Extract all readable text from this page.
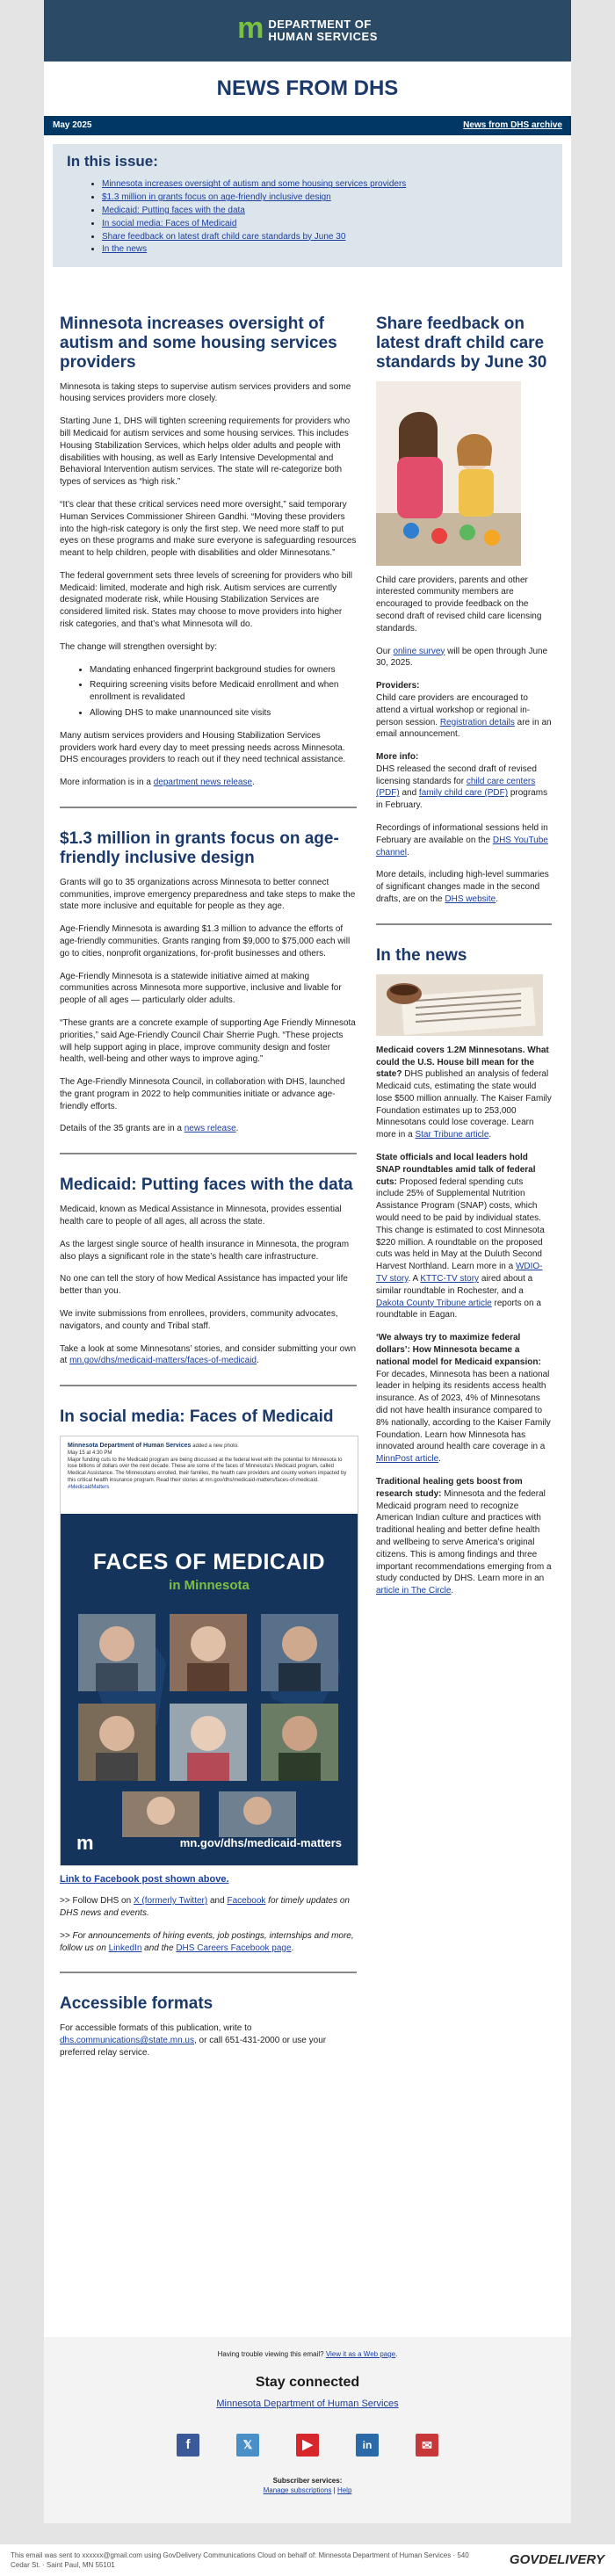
m DEPARTMENT OF
HUMAN SERVICES
NEWS FROM DHS
May 2025	News from DHS archive
In this issue:
• Minnesota increases oversight of autism and some housing services providers
• $1.3 million in grants focus on age-friendly inclusive design
• Medicaid: Putting faces with the data
• In social media: Faces of Medicaid
• Share feedback on latest draft child care standards by June 30
• In the news
Minnesota increases oversight of autism and some housing services providers

Minnesota is taking steps to supervise autism services providers and some housing services providers more closely.

Starting June 1, DHS will tighten screening requirements for providers who bill Medicaid for autism services and some housing services. This includes Housing Stabilization Services, which helps older adults and people with disabilities with housing, as well as Early Intensive Developmental and Behavioral Intervention autism services. The state will re-categorize both types of services as “high risk.”

“It’s clear that these critical services need more oversight,” said temporary Human Services Commissioner Shireen Gandhi. “Moving these providers into the high-risk category is only the first step. We need more staff to put eyes on these programs and make sure everyone is safeguarding resources meant to help children, people with disabilities and older Minnesotans.”

The federal government sets three levels of screening for providers who bill Medicaid: limited, moderate and high risk. Autism services are currently designated moderate risk, while Housing Stabilization Services are considered limited risk. States may choose to move providers into higher risk categories, and that’s what Minnesota will do.

The change will strengthen oversight by:

• Mandating enhanced fingerprint background studies for owners
• Requiring screening visits before Medicaid enrollment and when enrollment is revalidated
• Allowing DHS to make unannounced site visits

Many autism services providers and Housing Stabilization Services providers work hard every day to meet pressing needs across Minnesota. DHS encourages providers to reach out if they need technical assistance.

More information is in a department news release.

$1.3 million in grants focus on age-friendly inclusive design

Grants will go to 35 organizations across Minnesota to better connect communities, improve emergency preparedness and take steps to make the state more inclusive and equitable for people as they age.

Age-Friendly Minnesota is awarding $1.3 million to advance the efforts of age-friendly communities. Grants ranging from $9,000 to $75,000 each will go to cities, nonprofit organizations, for-profit businesses and others.

Age-Friendly Minnesota is a statewide initiative aimed at making communities across Minnesota more supportive, inclusive and livable for people of all ages — particularly older adults.

“These grants are a concrete example of supporting Age Friendly Minnesota priorities,” said Age-Friendly Council Chair Sherrie Pugh. “These projects will help support aging in place, improve community design and foster health, well-being and other ways to improve aging.”

The Age-Friendly Minnesota Council, in collaboration with DHS, launched the grant program in 2022 to help communities initiate or advance age-friendly efforts.

Details of the 35 grants are in a news release.

Medicaid: Putting faces with the data

Medicaid, known as Medical Assistance in Minnesota, provides essential health care to people of all ages, all across the state.

As the largest single source of health insurance in Minnesota, the program also plays a significant role in the state’s health care infrastructure.

No one can tell the story of how Medical Assistance has impacted your life better than you.

We invite submissions from enrollees, providers, community advocates, navigators, and county and Tribal staff.

Take a look at some Minnesotans’ stories, and consider submitting your own at mn.gov/dhs/medicaid-matters/faces-of-medicaid.

In social media: Faces of Medicaid
Minnesota Department of Human Services added a new photo.
May 15 at 4:30 PM
Major funding cuts to the Medicaid program are being discussed at the federal level with the potential for Minnesota to lose billions of dollars over the next decade. These are some of the faces of Minnesota’s Medicaid program, called Medical Assistance. The Minnesotans enrolled, their families, the health care providers and county workers impacted by this critical health insurance program. Read their stories at mn.gov/dhs/medicaid-matters/faces-of-medicaid.
#MedicaidMatters
FACES OF MEDICAID
in Minnesota
m	mn.gov/dhs/medicaid-matters

Link to Facebook post shown above.

>> Follow DHS on X (formerly Twitter) and Facebook for timely updates on DHS news and events.

>> For announcements of hiring events, job postings, internships and more, follow us on LinkedIn and the DHS Careers Facebook page.

Accessible formats

For accessible formats of this publication, write to dhs.communications@state.mn.us, or call 651-431-2000 or use your preferred relay service.

Share feedback on latest draft child care standards by June 30

Child care providers, parents and other interested community members are encouraged to provide feedback on the second draft of revised child care licensing standards.

Our online survey will be open through June 30, 2025.

Providers:
Child care providers are encouraged to attend a virtual workshop or regional in-person session. Registration details are in an email announcement.

More info:
DHS released the second draft of revised licensing standards for child care centers (PDF) and family child care (PDF) programs in February.

Recordings of informational sessions held in February are available on the DHS YouTube channel.

More details, including high-level summaries of significant changes made in the second drafts, are on the DHS website.

In the news

Medicaid covers 1.2M Minnesotans. What could the U.S. House bill mean for the state? DHS published an analysis of federal Medicaid cuts, estimating the state would lose $500 million annually. The Kaiser Family Foundation estimates up to 253,000 Minnesotans could lose coverage. Learn more in a Star Tribune article.

State officials and local leaders hold SNAP roundtables amid talk of federal cuts: Proposed federal spending cuts include 25% of Supplemental Nutrition Assistance Program (SNAP) costs, which would need to be paid by individual states. This change is estimated to cost Minnesota $220 million. A roundtable on the proposed cuts was held in May at the Duluth Second Harvest Northland. Learn more in a WDIO-TV story. A KTTC-TV story aired about a similar roundtable in Rochester, and a Dakota County Tribune article reports on a roundtable in Eagan.

‘We always try to maximize federal dollars’: How Minnesota became a national model for Medicaid expansion: For decades, Minnesota has been a national leader in helping its residents access health insurance. As of 2023, 4% of Minnesotans did not have health insurance compared to 8% nationally, according to the Kaiser Family Foundation. Learn how Minnesota has innovated around health care coverage in a MinnPost article.

Traditional healing gets boost from research study: Minnesota and the federal Medicaid program need to recognize American Indian culture and practices with traditional healing and better define health and wellbeing to serve America’s original citizens. This is among findings and three important recommendations emerging from a study conducted by DHS. Learn more in an article in The Circle.

Having trouble viewing this email? View it as a Web page.
Stay connected
Minnesota Department of Human Services
f	𝕏	▶	in	✉
Subscriber services:
Manage subscriptions | Help
This email was sent to xxxxxx@gmail.com using GovDelivery Communications Cloud on behalf of: Minnesota Department of Human Services · 540 Cedar St. · Saint Paul, MN 55101	GOVDELIVERY
